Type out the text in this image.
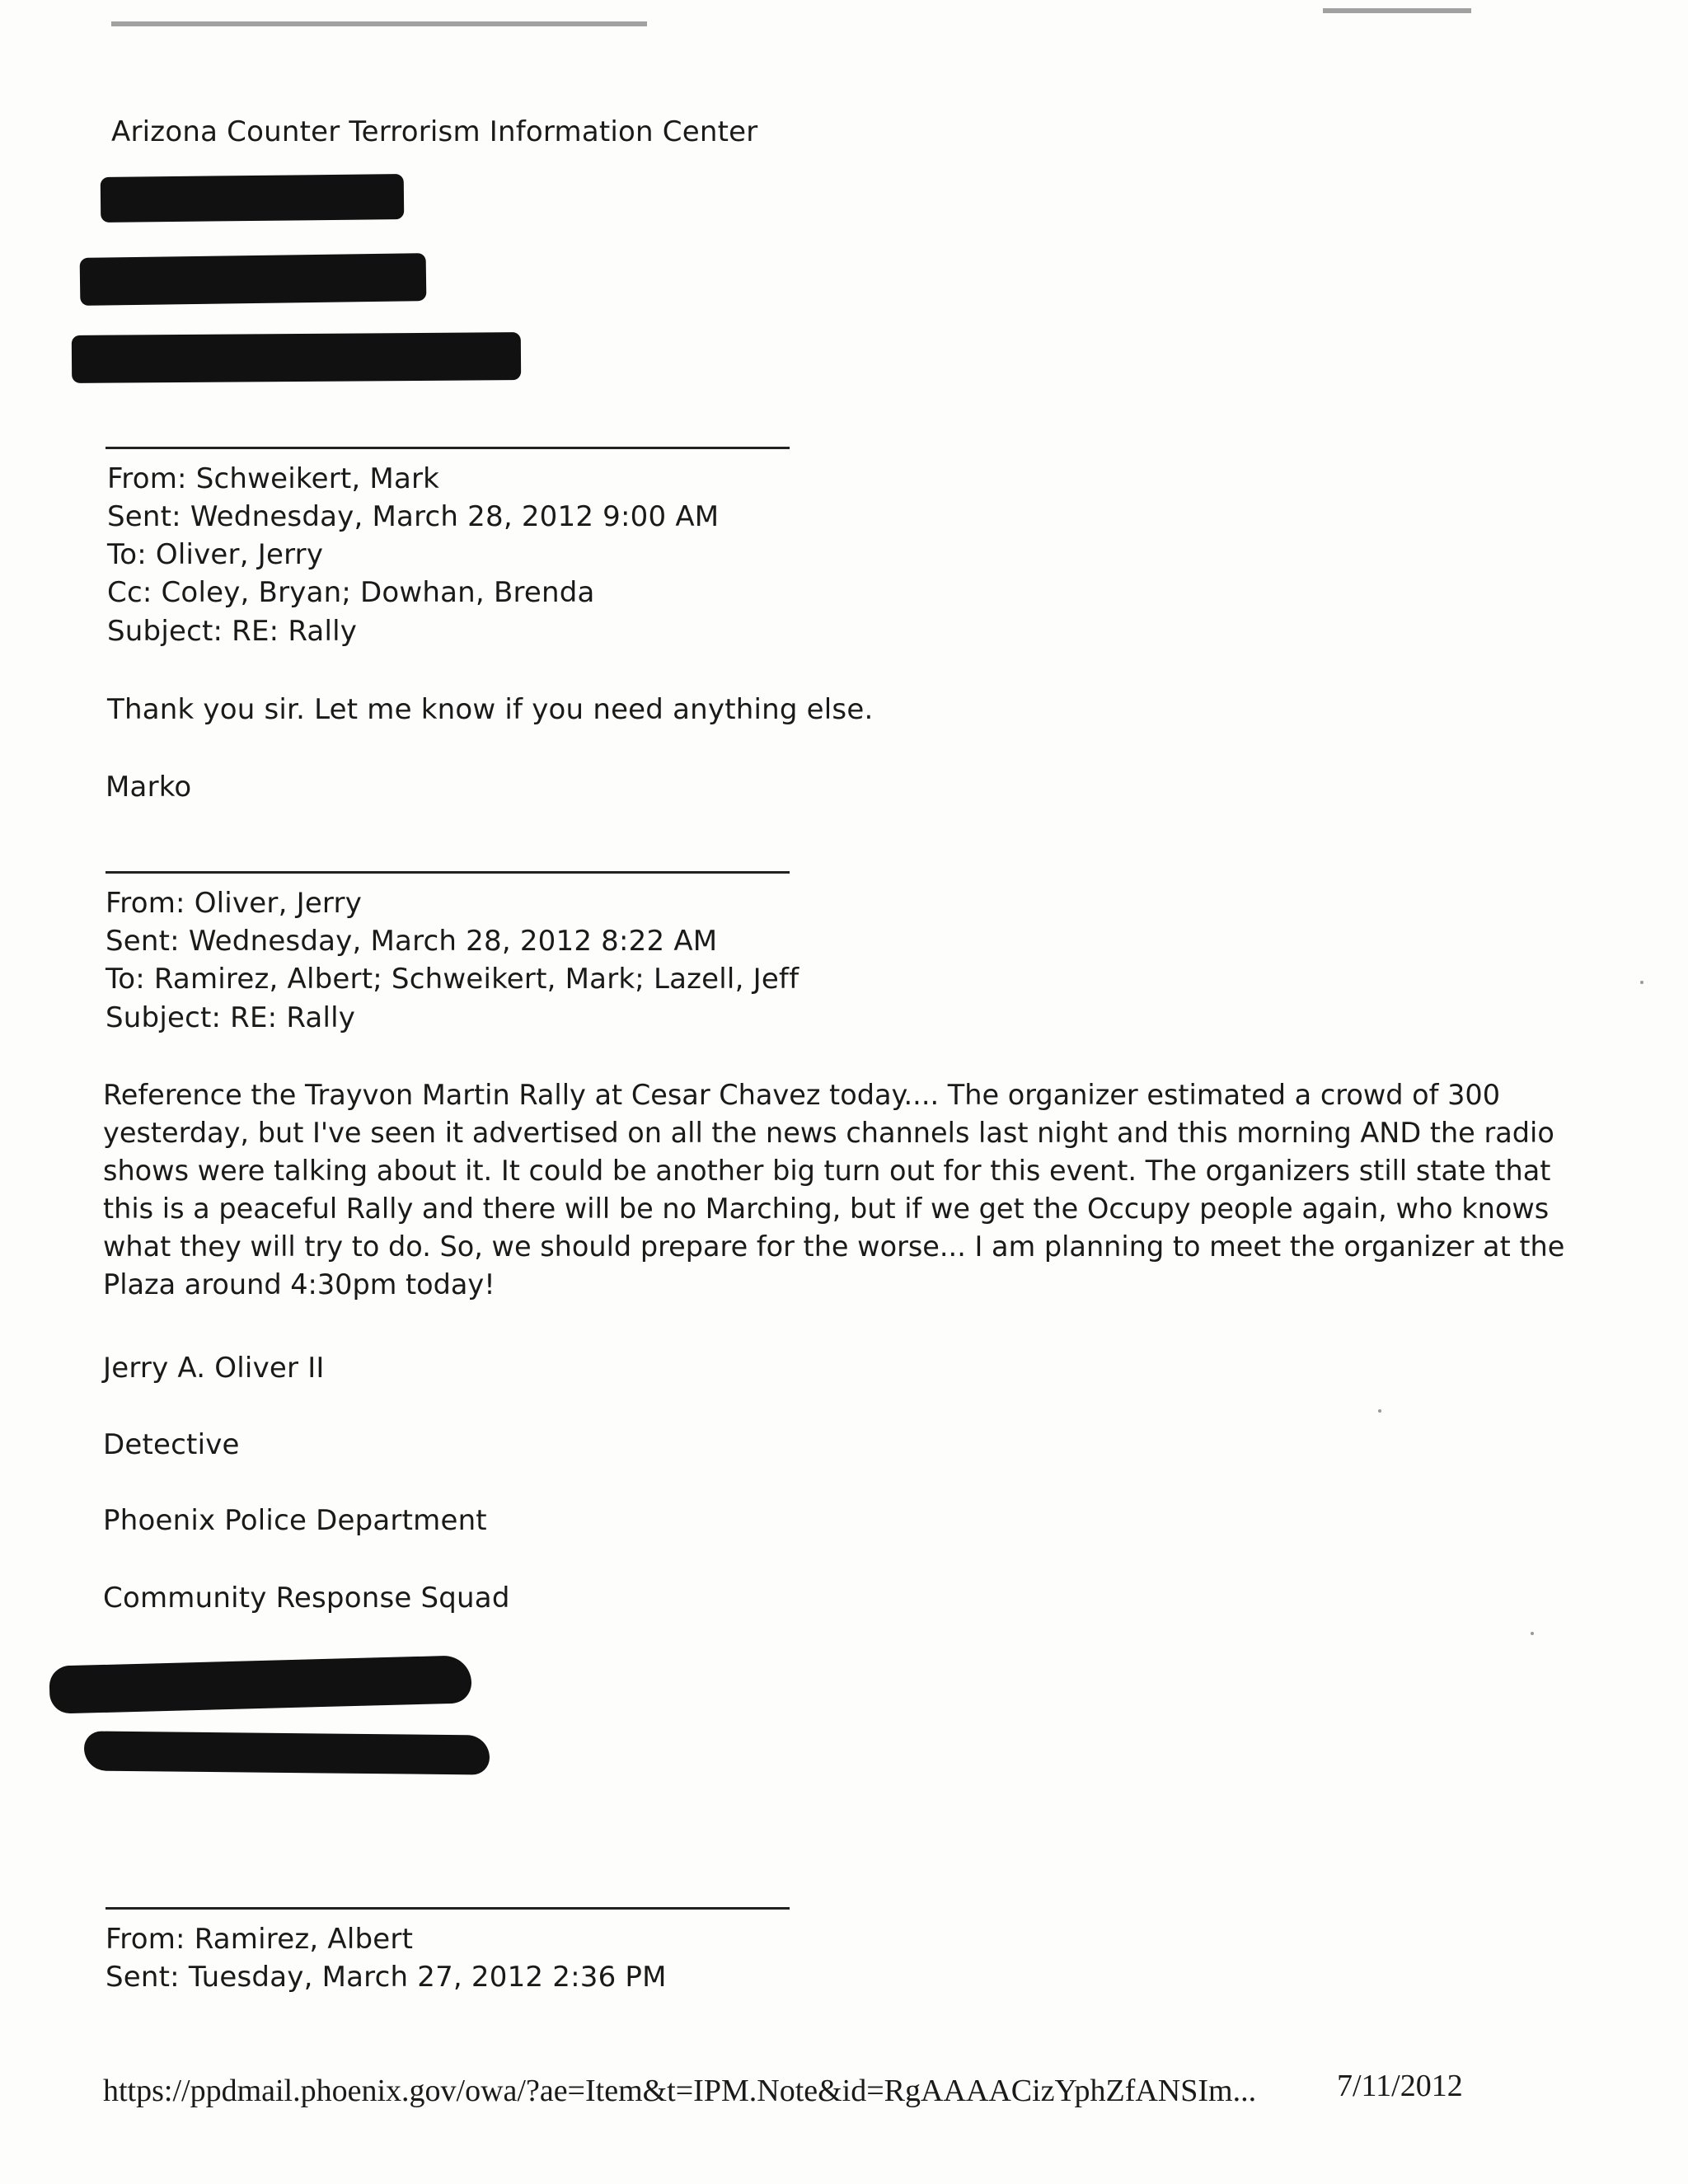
Arizona Counter Terrorism Information Center
From: Schweikert, Mark
Sent: Wednesday, March 28, 2012 9:00 AM
To: Oliver, Jerry
Cc: Coley, Bryan; Dowhan, Brenda
Subject: RE: Rally
Thank you sir. Let me know if you need anything else.
Marko
From: Oliver, Jerry
Sent: Wednesday, March 28, 2012 8:22 AM
To: Ramirez, Albert; Schweikert, Mark; Lazell, Jeff
Subject: RE: Rally
Reference the Trayvon Martin Rally at Cesar Chavez today.... The organizer estimated a crowd of 300
yesterday, but I've seen it advertised on all the news channels last night and this morning AND the radio
shows were talking about it. It could be another big turn out for this event. The organizers still state that
this is a peaceful Rally and there will be no Marching, but if we get the Occupy people again, who knows
what they will try to do. So, we should prepare for the worse... I am planning to meet the organizer at the
Plaza around 4:30pm today!
Jerry A. Oliver II
Detective
Phoenix Police Department
Community Response Squad
From: Ramirez, Albert
Sent: Tuesday, March 27, 2012 2:36 PM
https://ppdmail.phoenix.gov/owa/?ae=Item&t=IPM.Note&id=RgAAAACizYphZfANSIm...	7/11/2012
